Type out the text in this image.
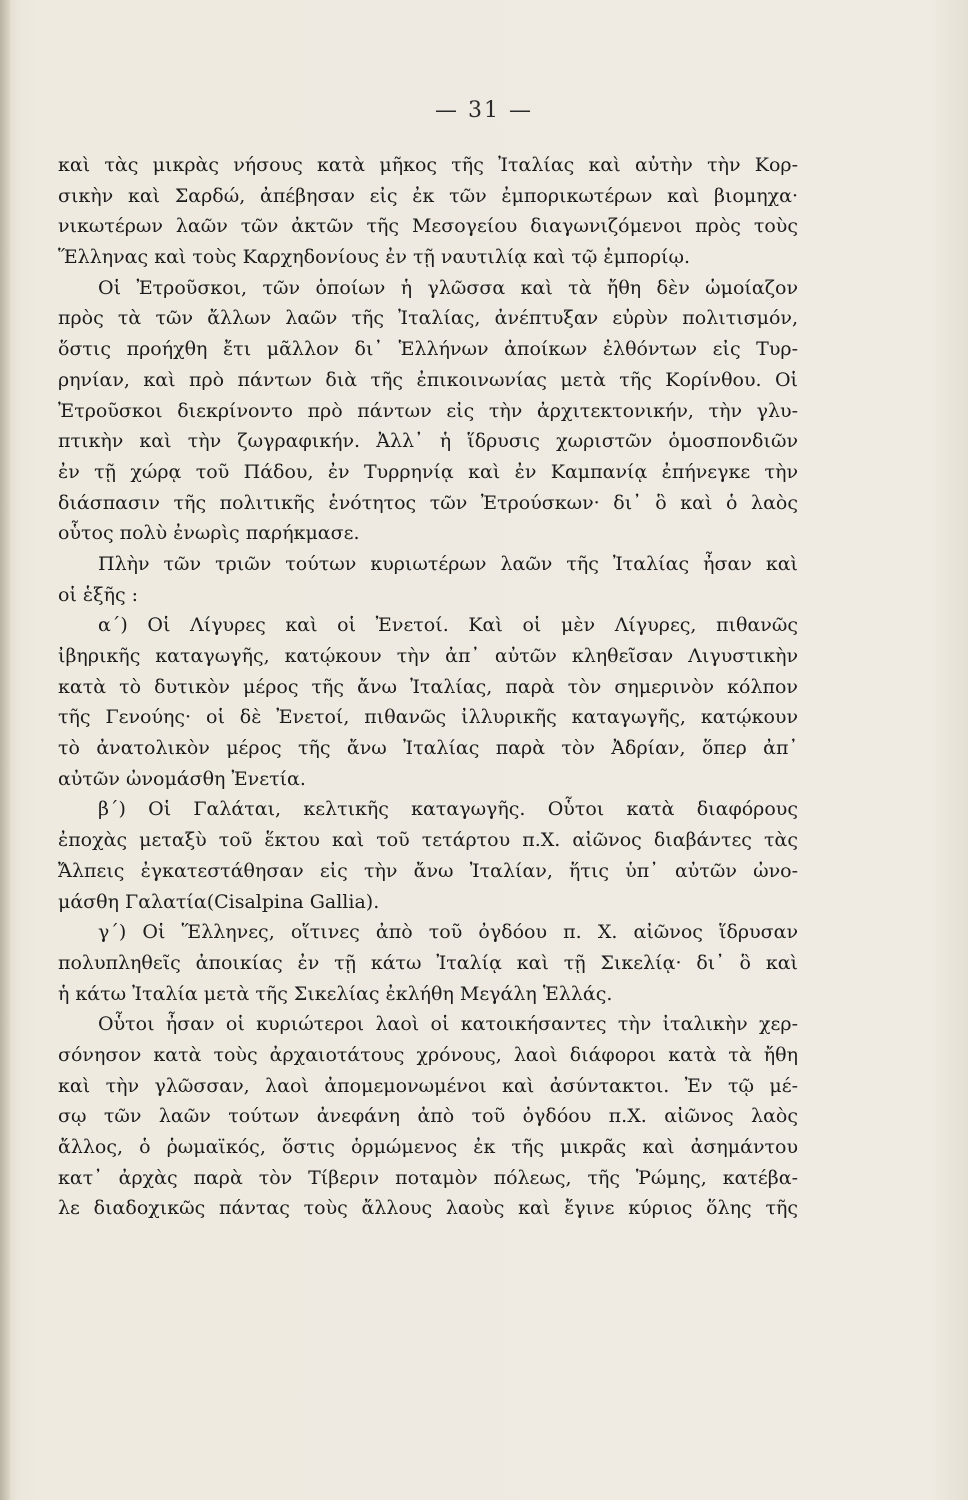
— 31 —
καὶ τὰς μικρὰς νήσους κατὰ μῆκος τῆς Ἰταλίας καὶ αὐτὴν τὴν Κορ-
σικὴν καὶ Σαρδώ, ἀπέβησαν εἰς ἐκ τῶν ἐμπορικωτέρων καὶ βιομηχα·
νικωτέρων λαῶν τῶν ἀκτῶν τῆς Μεσογείου διαγωνιζόμενοι πρὸς τοὺς
Ἕλληνας καὶ τοὺς Καρχηδονίους ἐν τῇ ναυτιλίᾳ καὶ τῷ ἐμπορίῳ.
Οἱ Ἐτροῦσκοι, τῶν ὁποίων ἡ γλῶσσα καὶ τὰ ἤθη δὲν ὡμοίαζον
πρὸς τὰ τῶν ἄλλων λαῶν τῆς Ἰταλίας, ἀνέπτυξαν εὐρὺν πολιτισμόν,
ὅστις προήχθη ἔτι μᾶλλον δι᾽ Ἑλλήνων ἀποίκων ἐλθόντων εἰς Τυρ-
ρηνίαν, καὶ πρὸ πάντων διὰ τῆς ἐπικοινωνίας μετὰ τῆς Κορίνθου. Οἱ
Ἐτροῦσκοι διεκρίνοντο πρὸ πάντων εἰς τὴν ἀρχιτεκτονικήν, τὴν γλυ-
πτικὴν καὶ τὴν ζωγραφικήν. Ἀλλ᾽ ἡ ἵδρυσις χωριστῶν ὁμοσπονδιῶν
ἐν τῇ χώρᾳ τοῦ Πάδου, ἐν Τυρρηνίᾳ καὶ ἐν Καμπανίᾳ ἐπήνεγκε τὴν
διάσπασιν τῆς πολιτικῆς ἑνότητος τῶν Ἐτρούσκων· δι᾽ ὃ καὶ ὁ λαὸς
οὗτος πολὺ ἐνωρὶς παρήκμασε.
Πλὴν τῶν τριῶν τούτων κυριωτέρων λαῶν τῆς Ἰταλίας ἦσαν καὶ
οἱ ἑξῆς :
α΄) Οἱ Λίγυρες καὶ οἱ Ἐνετοί. Καὶ οἱ μὲν Λίγυρες, πιθανῶς
ἰβηρικῆς καταγωγῆς, κατῴκουν τὴν ἀπ᾽ αὐτῶν κληθεῖσαν Λιγυστικὴν
κατὰ τὸ δυτικὸν μέρος τῆς ἄνω Ἰταλίας, παρὰ τὸν σημερινὸν κόλπον
τῆς Γενούης· οἱ δὲ Ἐνετοί, πιθανῶς ἰλλυρικῆς καταγωγῆς, κατῴκουν
τὸ ἀνατολικὸν μέρος τῆς ἄνω Ἰταλίας παρὰ τὸν Ἀδρίαν, ὅπερ ἀπ᾽
αὐτῶν ὠνομάσθη Ἐνετία.
β΄) Οἱ Γαλάται, κελτικῆς καταγωγῆς. Οὗτοι κατὰ διαφόρους
ἐποχὰς μεταξὺ τοῦ ἕκτου καὶ τοῦ τετάρτου π.Χ. αἰῶνος διαβάντες τὰς
Ἄλπεις ἐγκατεστάθησαν εἰς τὴν ἄνω Ἰταλίαν, ἥτις ὑπ᾽ αὐτῶν ὠνο-
μάσθη Γαλατία(Cisalpina Gallia).
γ΄) Οἱ Ἕλληνες, οἵτινες ἀπὸ τοῦ ὀγδόου π. Χ. αἰῶνος ἵδρυσαν
πολυπληθεῖς ἀποικίας ἐν τῇ κάτω Ἰταλίᾳ καὶ τῇ Σικελίᾳ· δι᾽ ὃ καὶ
ἡ κάτω Ἰταλία μετὰ τῆς Σικελίας ἐκλήθη Μεγάλη Ἑλλάς.
Οὗτοι ἦσαν οἱ κυριώτεροι λαοὶ οἱ κατοικήσαντες τὴν ἰταλικὴν χερ-
σόνησον κατὰ τοὺς ἀρχαιοτάτους χρόνους, λαοὶ διάφοροι κατὰ τὰ ἤθη
καὶ τὴν γλῶσσαν, λαοὶ ἀπομεμονωμένοι καὶ ἀσύντακτοι. Ἐν τῷ μέ-
σῳ τῶν λαῶν τούτων ἀνεφάνη ἀπὸ τοῦ ὀγδόου π.Χ. αἰῶνος λαὸς
ἄλλος, ὁ ῥωμαϊκός, ὅστις ὁρμώμενος ἐκ τῆς μικρᾶς καὶ ἀσημάντου
κατ᾽ ἀρχὰς παρὰ τὸν Τίβεριν ποταμὸν πόλεως, τῆς Ῥώμης, κατέβα-
λε διαδοχικῶς πάντας τοὺς ἄλλους λαοὺς καὶ ἔγινε κύριος ὅλης τῆς
